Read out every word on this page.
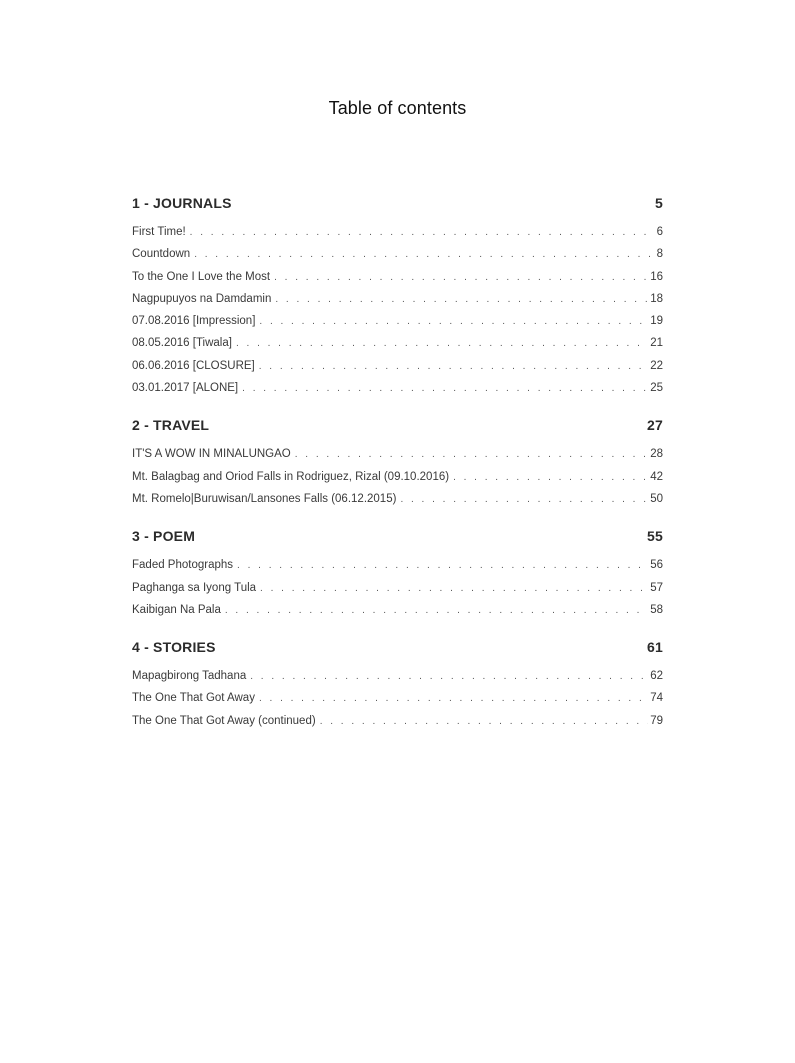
Table of contents
1 - JOURNALS	5
First Time! . . .	6
Countdown . . .	8
To the One I Love the Most . . .	16
Nagpupuyos na Damdamin . . .	18
07.08.2016 [Impression] . . .	19
08.05.2016 [Tiwala] . . .	21
06.06.2016 [CLOSURE] . . .	22
03.01.2017 [ALONE] . . .	25
2 - TRAVEL	27
IT'S A WOW IN MINALUNGAO . . .	28
Mt. Balagbag and Oriod Falls in Rodriguez, Rizal (09.10.2016) . . .	42
Mt. Romelo|Buruwisan/Lansones Falls (06.12.2015) . . .	50
3 - POEM	55
Faded Photographs . . .	56
Paghanga sa Iyong Tula . . .	57
Kaibigan Na Pala . . .	58
4 - STORIES	61
Mapagbirong Tadhana . . .	62
The One That Got Away . . .	74
The One That Got Away (continued) . . .	79
